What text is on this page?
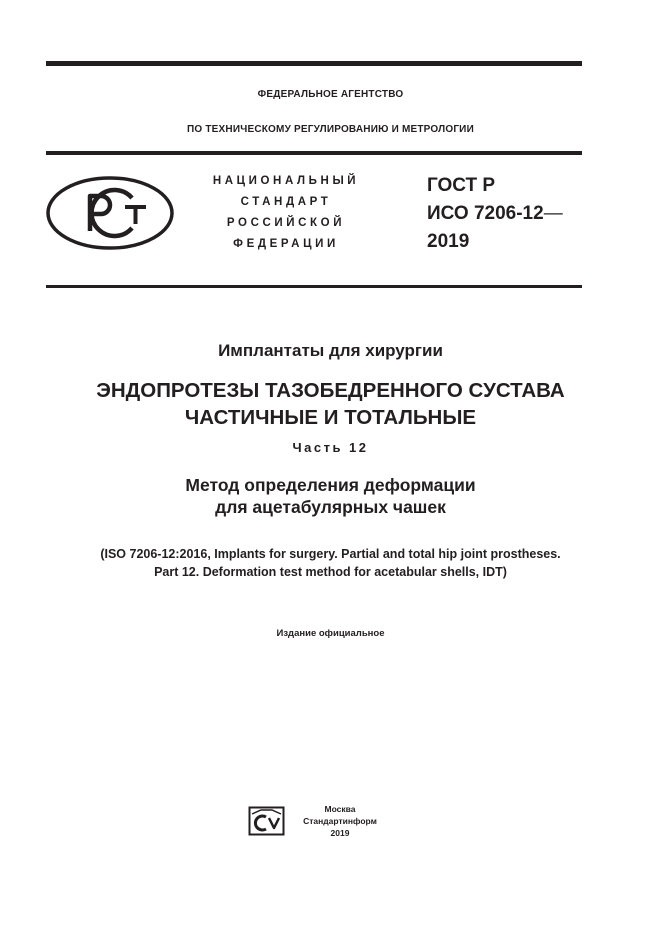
ФЕДЕРАЛЬНОЕ АГЕНТСТВО
ПО ТЕХНИЧЕСКОМУ РЕГУЛИРОВАНИЮ И МЕТРОЛОГИИ
НАЦИОНАЛЬНЫЙ
СТАНДАРТ
РОССИЙСКОЙ
ФЕДЕРАЦИИ
ГОСТ Р
ИСО 7206-12—
2019
Имплантаты для хирургии
ЭНДОПРОТЕЗЫ ТАЗОБЕДРЕННОГО СУСТАВА
ЧАСТИЧНЫЕ И ТОТАЛЬНЫЕ
Часть 12
Метод определения деформации
для ацетабулярных чашек
(ISO 7206-12:2016, Implants for surgery. Partial and total hip joint prostheses.
Part 12. Deformation test method for acetabular shells, IDT)
Издание официальное
Москва
Стандартинформ
2019
